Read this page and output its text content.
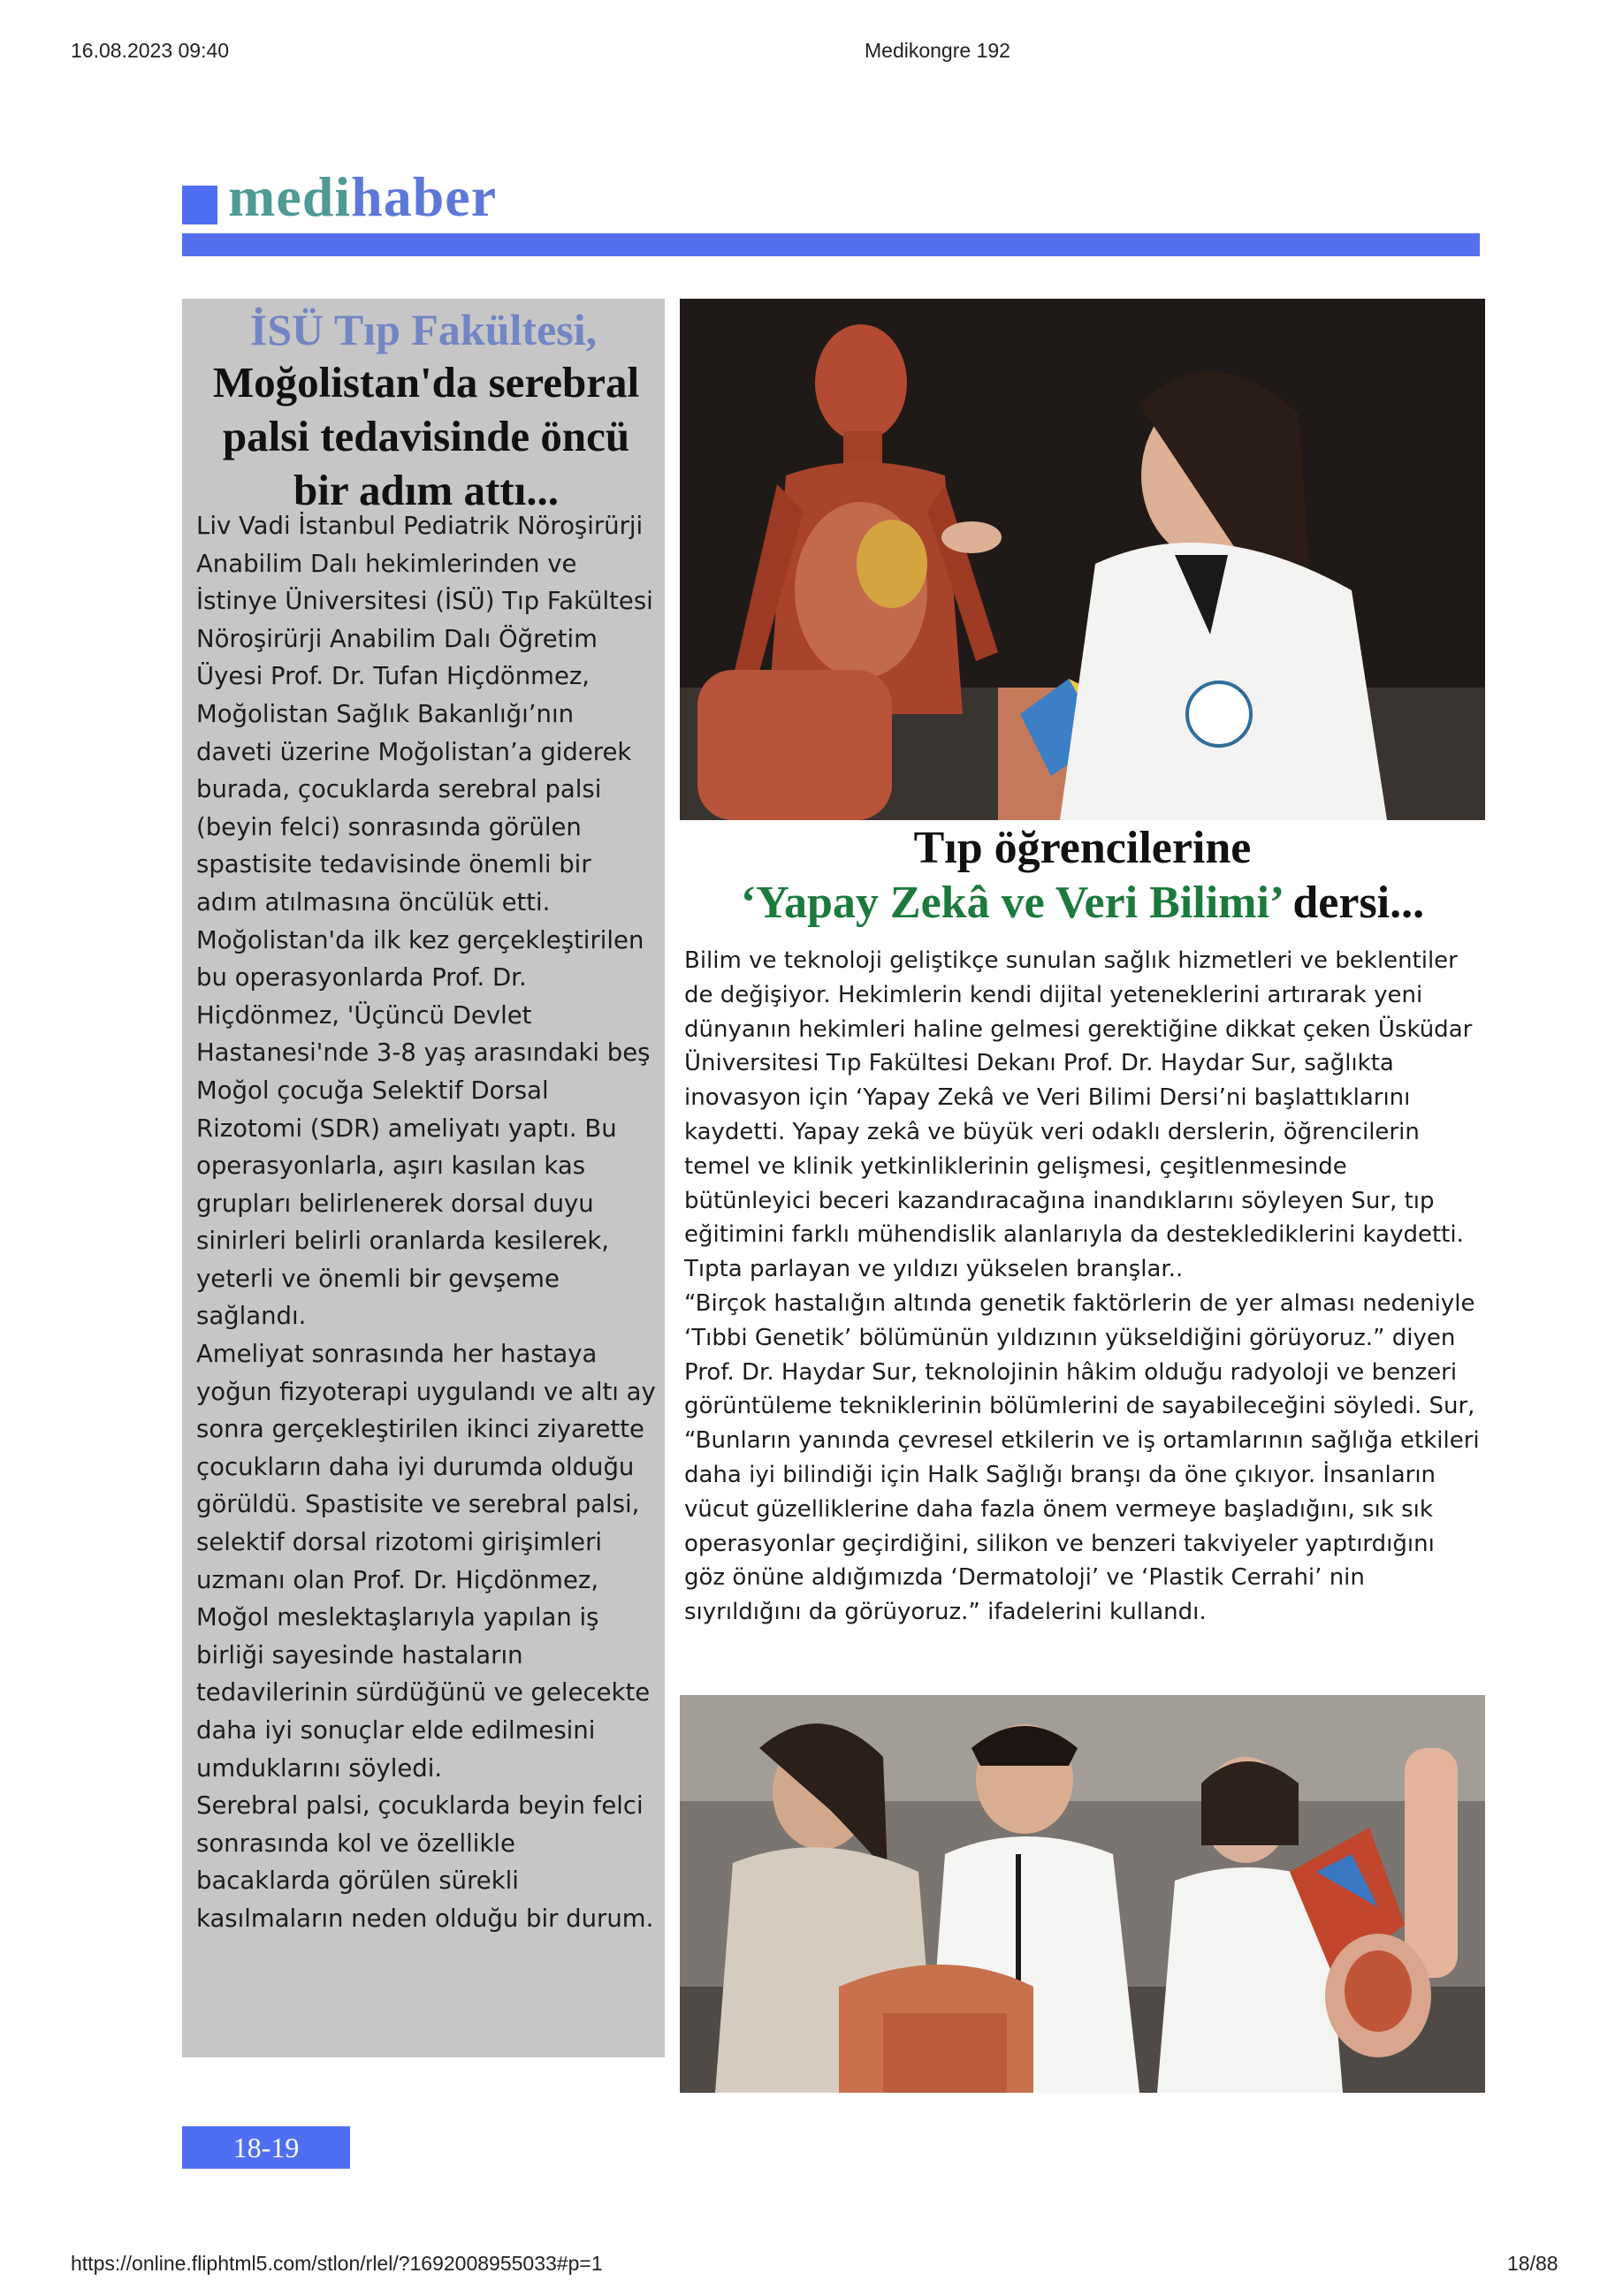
16.08.2023 09:40	Medikongre 192
medihaber
İSÜ Tıp Fakültesi,
Moğolistan'da serebral palsi tedavisinde öncü bir adım attı...
Liv Vadi İstanbul Pediatrik Nöroşirürji Anabilim Dalı hekimlerinden ve İstinye Üniversitesi (İSÜ) Tıp Fakültesi Nöroşirürji Anabilim Dalı Öğretim Üyesi Prof. Dr. Tufan Hiçdönmez, Moğolistan Sağlık Bakanlığı’nın daveti üzerine Moğolistan’a giderek burada, çocuklarda serebral palsi (beyin felci) sonrasında görülen spastisite tedavisinde önemli bir adım atılmasına öncülük etti.
Moğolistan'da ilk kez gerçekleştirilen bu operasyonlarda Prof. Dr. Hiçdönmez, 'Üçüncü Devlet Hastanesi'nde 3-8 yaş arasındaki beş Moğol çocuğa Selektif Dorsal Rizotomi (SDR) ameliyatı yaptı. Bu operasyonlarla, aşırı kasılan kas grupları belirlenerek dorsal duyu sinirleri belirli oranlarda kesilerek, yeterli ve önemli bir gevşeme sağlandı.
Ameliyat sonrasında her hastaya yoğun fizyoterapi uygulandı ve altı ay sonra gerçekleştirilen ikinci ziyarette çocukların daha iyi durumda olduğu görüldü. Spastisite ve serebral palsi, selektif dorsal rizotomi girişimleri uzmanı olan Prof. Dr. Hiçdönmez, Moğol meslektaşlarıyla yapılan iş birliği sayesinde hastaların tedavilerinin sürdüğünü ve gelecekte daha iyi sonuçlar elde edilmesini umduklarını söyledi.
Serebral palsi, çocuklarda beyin felci sonrasında kol ve özellikle bacaklarda görülen sürekli kasılmaların neden olduğu bir durum.
Tıp öğrencilerine
‘Yapay Zekâ ve Veri Bilimi’ dersi...
Bilim ve teknoloji geliştikçe sunulan sağlık hizmetleri ve beklentiler de değişiyor. Hekimlerin kendi dijital yeteneklerini artırarak yeni dünyanın hekimleri haline gelmesi gerektiğine dikkat çeken Üsküdar Üniversitesi Tıp Fakültesi Dekanı Prof. Dr. Haydar Sur, sağlıkta inovasyon için ‘Yapay Zekâ ve Veri Bilimi Dersi’ni başlattıklarını kaydetti. Yapay zekâ ve büyük veri odaklı derslerin, öğrencilerin temel ve klinik yetkinliklerinin gelişmesi, çeşitlenmesinde bütünleyici beceri kazandıracağına inandıklarını söyleyen Sur, tıp eğitimini farklı mühendislik alanlarıyla da desteklediklerini kaydetti.
Tıpta parlayan ve yıldızı yükselen branşlar..
“Birçok hastalığın altında genetik faktörlerin de yer alması nedeniyle ‘Tıbbi Genetik’ bölümünün yıldızının yükseldiğini görüyoruz.” diyen Prof. Dr. Haydar Sur, teknolojinin hâkim olduğu radyoloji ve benzeri görüntüleme tekniklerinin bölümlerini de sayabileceğini söyledi. Sur, “Bunların yanında çevresel etkilerin ve iş ortamlarının sağlığa etkileri daha iyi bilindiği için Halk Sağlığı branşı da öne çıkıyor. İnsanların vücut güzelliklerine daha fazla önem vermeye başladığını, sık sık operasyonlar geçirdiğini, silikon ve benzeri takviyeler yaptırdığını göz önüne aldığımızda ‘Dermatoloji’ ve ‘Plastik Cerrahi’ nin sıyrıldığını da görüyoruz.” ifadelerini kullandı.
18-19
https://online.fliphtml5.com/stlon/rlel/?1692008955033#p=1	18/88
